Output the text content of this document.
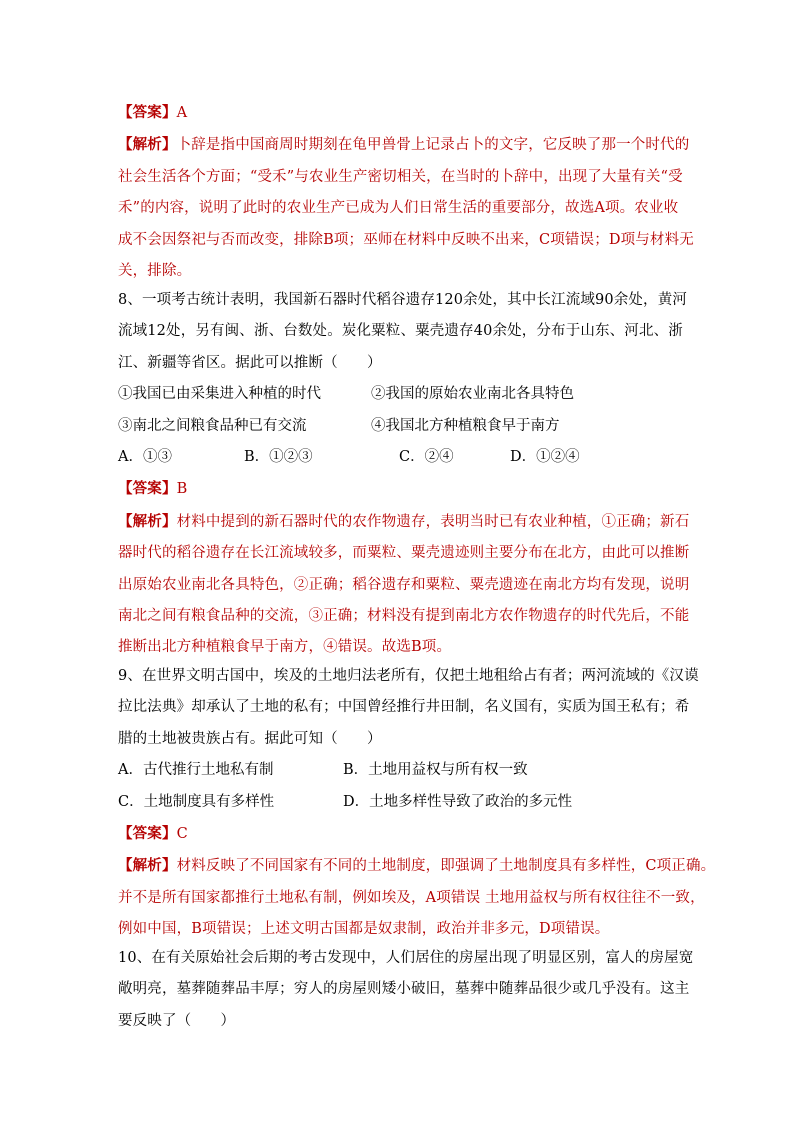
【答案】A
【解析】卜辞是指中国商周时期刻在龟甲兽骨上记录占卜的文字，它反映了那一个时代的
社会生活各个方面；“受禾”与农业生产密切相关，在当时的卜辞中，出现了大量有关“受
禾”的内容，说明了此时的农业生产已成为人们日常生活的重要部分，故选A项。农业收
成不会因祭祀与否而改变，排除B项；巫师在材料中反映不出来，C项错误；D项与材料无
关，排除。
8、一项考古统计表明，我国新石器时代稻谷遗存120余处，其中长江流域90余处，黄河
流域12处，另有闽、浙、台数处。炭化粟粒、粟壳遗存40余处，分布于山东、河北、浙
江、新疆等省区。据此可以推断（　　）
①我国已由采集进入种植的时代	②我国的原始农业南北各具特色
③南北之间粮食品种已有交流	④我国北方种植粮食早于南方
A．①③	B．①②③	C．②④	D．①②④
【答案】B
【解析】材料中提到的新石器时代的农作物遗存，表明当时已有农业种植，①正确；新石
器时代的稻谷遗存在长江流域较多，而粟粒、粟壳遗迹则主要分布在北方，由此可以推断
出原始农业南北各具特色，②正确；稻谷遗存和粟粒、粟壳遗迹在南北方均有发现，说明
南北之间有粮食品种的交流，③正确；材料没有提到南北方农作物遗存的时代先后，不能
推断出北方种植粮食早于南方，④错误。故选B项。
9、在世界文明古国中，埃及的土地归法老所有，仅把土地租给占有者；两河流域的《汉谟
拉比法典》却承认了土地的私有；中国曾经推行井田制，名义国有，实质为国王私有；希
腊的土地被贵族占有。据此可知（　　）
A．古代推行土地私有制	B．土地用益权与所有权一致
C．土地制度具有多样性	D．土地多样性导致了政治的多元性
【答案】C
【解析】材料反映了不同国家有不同的土地制度，即强调了土地制度具有多样性，C项正确。
并不是所有国家都推行土地私有制，例如埃及，A项错误 土地用益权与所有权往往不一致，
例如中国，B项错误；上述文明古国都是奴隶制，政治并非多元，D项错误。
10、在有关原始社会后期的考古发现中，人们居住的房屋出现了明显区别，富人的房屋宽
敞明亮，墓葬随葬品丰厚；穷人的房屋则矮小破旧，墓葬中随葬品很少或几乎没有。这主
要反映了（　　）
